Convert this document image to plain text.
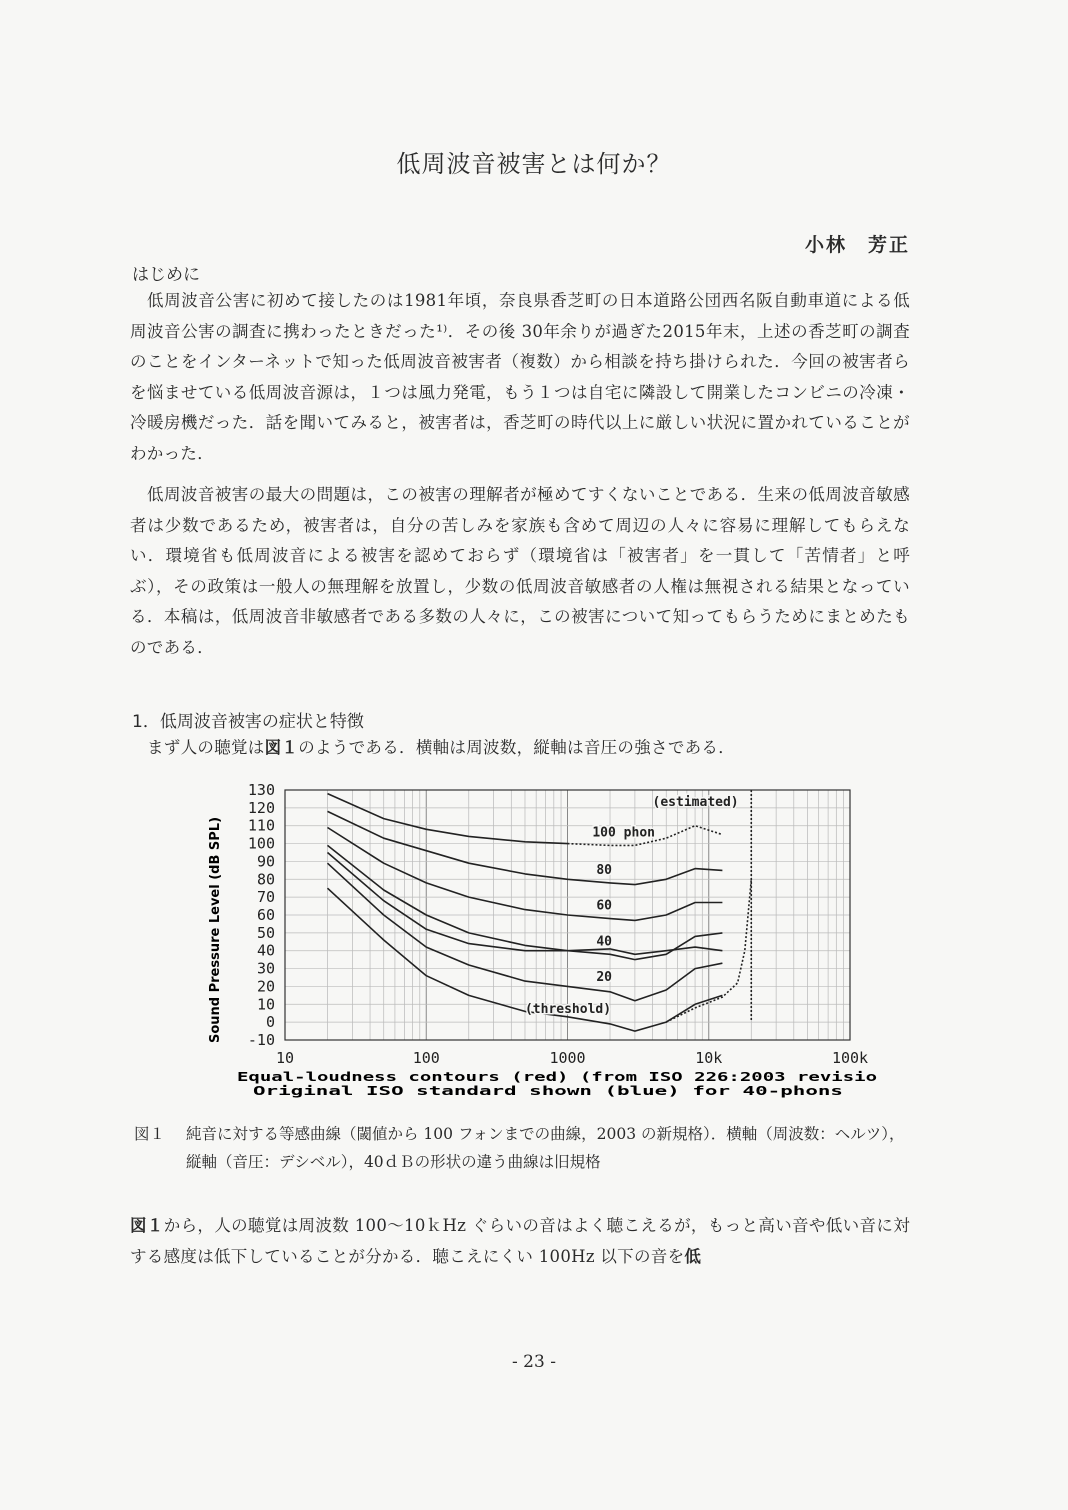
低周波音被害とは何か？
小林　芳正
はじめに
低周波音公害に初めて接したのは1981年頃，奈良県香芝町の日本道路公団西名阪自動車道による低周波音公害の調査に携わったときだった¹⁾．その後 30年余りが過ぎた2015年末，上述の香芝町の調査のことをインターネットで知った低周波音被害者（複数）から相談を持ち掛けられた．今回の被害者らを悩ませている低周波音源は，１つは風力発電，もう１つは自宅に隣設して開業したコンビニの冷凍・冷暖房機だった．話を聞いてみると，被害者は，香芝町の時代以上に厳しい状況に置かれていることがわかった．
低周波音被害の最大の問題は，この被害の理解者が極めてすくないことである．生来の低周波音敏感者は少数であるため，被害者は，自分の苦しみを家族も含めて周辺の人々に容易に理解してもらえない．環境省も低周波音による被害を認めておらず（環境省は「被害者」を一貫して「苦情者」と呼ぶ），その政策は一般人の無理解を放置し，少数の低周波音敏感者の人権は無視される結果となっている．本稿は，低周波音非敏感者である多数の人々に，この被害について知ってもらうためにまとめたものである．
1．低周波音被害の症状と特徴
まず人の聴覚は図１のようである．横軸は周波数，縦軸は音圧の強さである．
130
120
110
100
90
80
70
60
50
40
30
20
10
0
-10
10	100	1000	10k	100k
(estimated)
100 phon
80
60
40
20
(threshold)
Sound Pressure Level (dB SPL)
Equal-loudness contours (red) (from ISO 226:2003 revisio
Original ISO standard shown (blue) for 40-phons
図１ 純音に対する等感曲線（閾値から 100 フォンまでの曲線，2003 の新規格）．横軸（周波数：ヘルツ），縦軸（音圧：デシベル），40ｄＢの形状の違う曲線は旧規格
図１から，人の聴覚は周波数 100〜10ｋHz ぐらいの音はよく聴こえるが，もっと高い音や低い音に対する感度は低下していることが分かる．聴こえにくい 100Hz 以下の音を低
- 23 -
